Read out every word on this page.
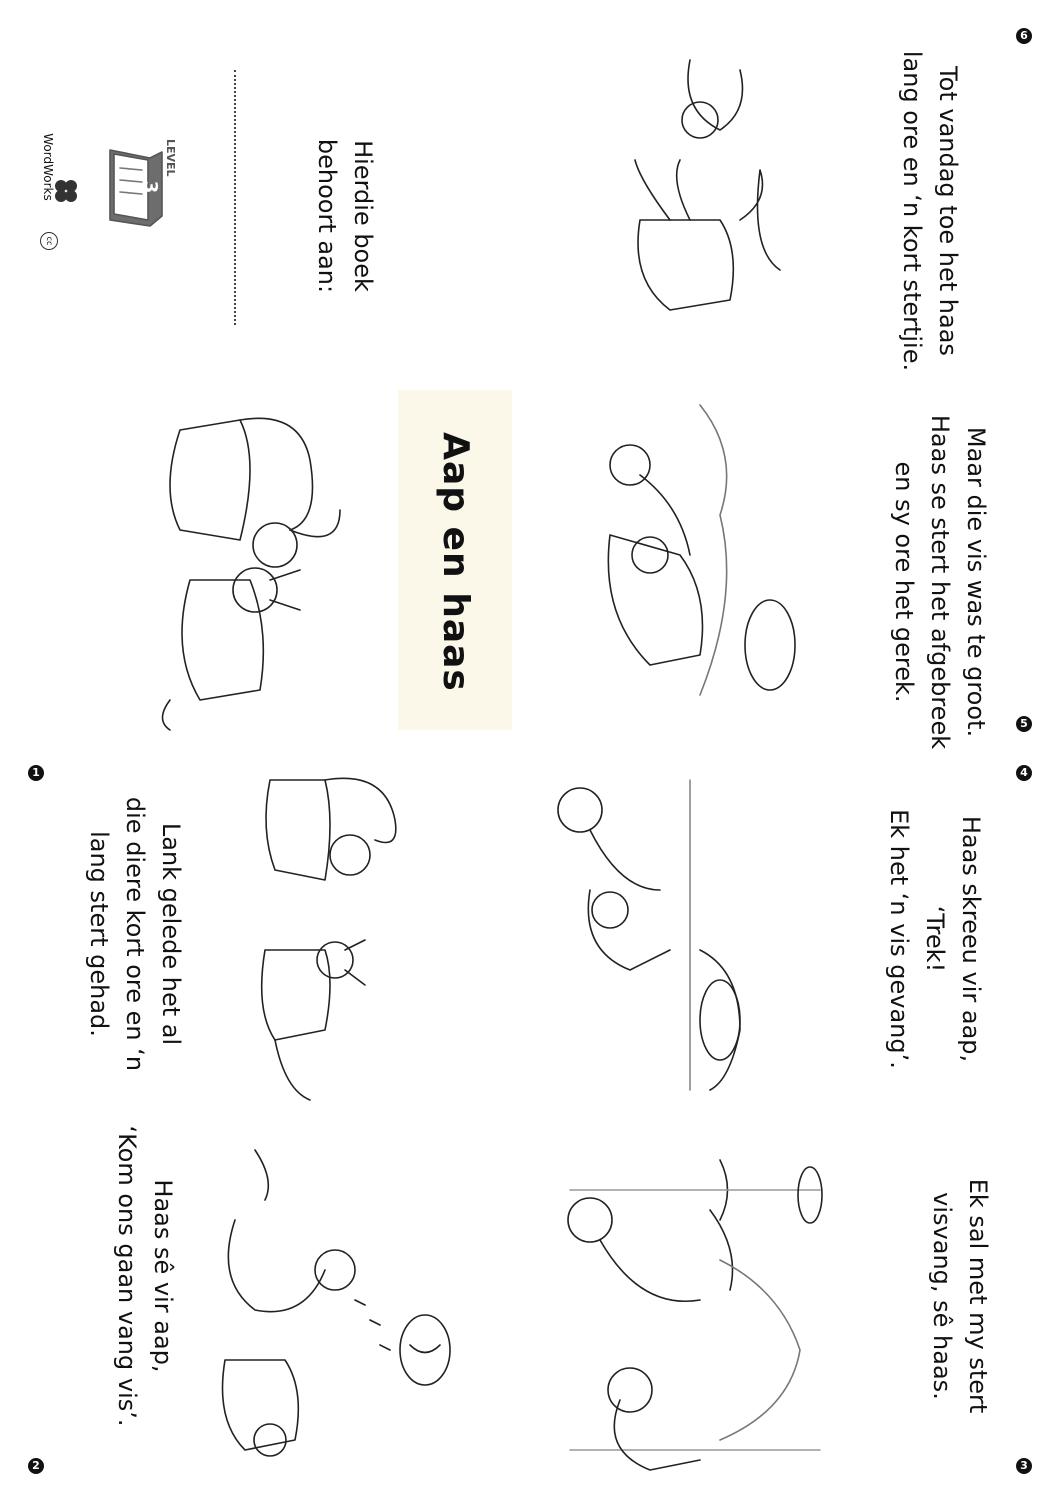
Hierdie boek
behoort aan:
LEVEL
3
WordWorks
cc
Aap en haas
Lank gelede het al
die diere kort ore en ‘n
lang stert gehad.
1
Haas sê vir aap,
‘Kom ons gaan vang vis’.
2
Ek sal met my stert
visvang, sê haas.
3
Haas skreeu vir aap,
‘Trek!
Ek het ‘n vis gevang’.
4
Maar die vis was te groot.
Haas se stert het afgebreek
en sy ore het gerek.
5
Tot vandag toe het haas
lang ore en ‘n kort stertjie.
6
